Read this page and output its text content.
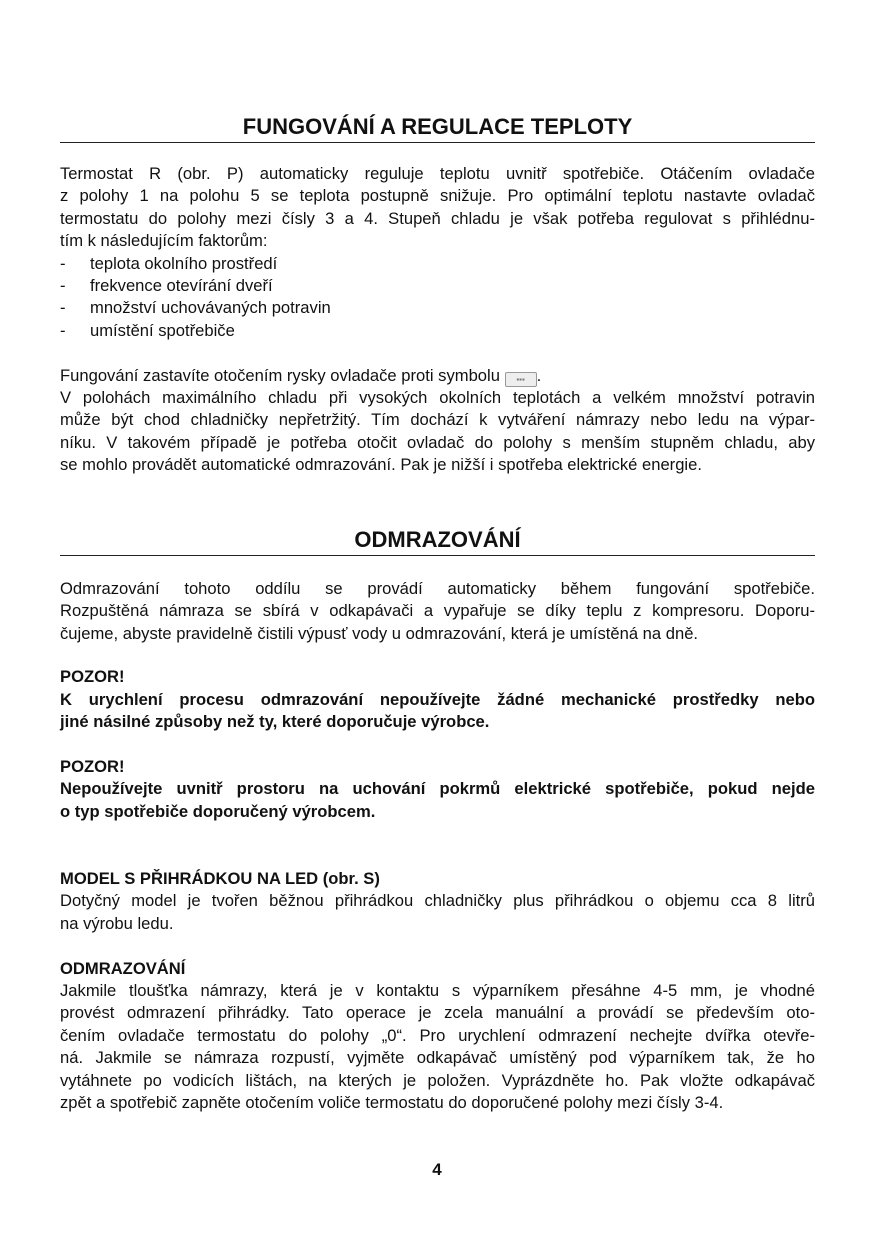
FUNGOVÁNÍ A REGULACE TEPLOTY
Termostat R (obr. P) automaticky reguluje teplotu uvnitř spotřebiče. Otáčením ovladače
z polohy 1 na polohu 5 se teplota postupně snižuje. Pro optimální teplotu nastavte ovladač
termostatu do polohy mezi čísly 3 a 4. Stupeň chladu je však potřeba regulovat s přihlédnu-
tím k následujícím faktorům:
-	teplota okolního prostředí
-	frekvence otevírání dveří
-	množství uchovávaných potravin
-	umístění spotřebiče
Fungování zastavíte otočením rysky ovladače proti symbolu ▪▪▪ .
V polohách maximálního chladu při vysokých okolních teplotách a velkém množství potravin
může být chod chladničky nepřetržitý. Tím dochází k vytváření námrazy nebo ledu na výpar-
níku. V takovém případě je potřeba otočit ovladač do polohy s menším stupněm chladu, aby
se mohlo provádět automatické odmrazování. Pak je nižší i spotřeba elektrické energie.
ODMRAZOVÁNÍ
Odmrazování tohoto oddílu se provádí automaticky během fungování spotřebiče.
Rozpuštěná námraza se sbírá v odkapávači a vypařuje se díky teplu z kompresoru. Doporu-
čujeme, abyste pravidelně čistili výpusť vody u odmrazování, která je umístěná na dně.
POZOR!
K urychlení procesu odmrazování nepoužívejte žádné mechanické prostředky nebo
jiné násilné způsoby než ty, které doporučuje výrobce.
POZOR!
Nepoužívejte uvnitř prostoru na uchování pokrmů elektrické spotřebiče, pokud nejde
o typ spotřebiče doporučený výrobcem.
MODEL S PŘIHRÁDKOU NA LED (obr. S)
Dotyčný model je tvořen běžnou přihrádkou chladničky plus přihrádkou o objemu cca 8 litrů
na výrobu ledu.
ODMRAZOVÁNÍ
Jakmile tloušťka námrazy, která je v kontaktu s výparníkem přesáhne 4-5 mm, je vhodné
provést odmrazení přihrádky. Tato operace je zcela manuální a provádí se především oto-
čením ovladače termostatu do polohy „0“. Pro urychlení odmrazení nechejte dvířka otevře-
ná. Jakmile se námraza rozpustí, vyjměte odkapávač umístěný pod výparníkem tak, že ho
vytáhnete po vodicích lištách, na kterých je položen. Vyprázdněte ho. Pak vložte odkapávač
zpět a spotřebič zapněte otočením voliče termostatu do doporučené polohy mezi čísly 3-4.
4
